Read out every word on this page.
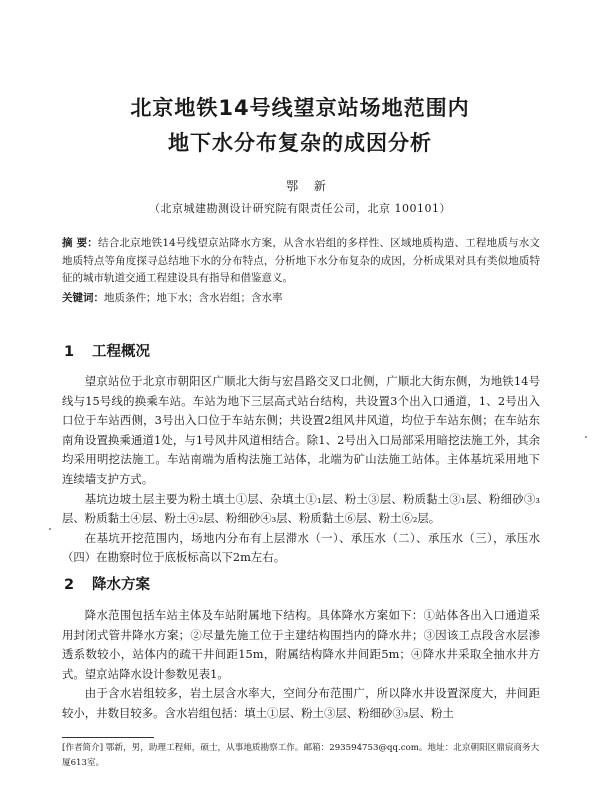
北京地铁14号线望京站场地范围内
地下水分布复杂的成因分析
鄂 新
（北京城建勘测设计研究院有限责任公司，北京 100101）
摘 要：结合北京地铁14号线望京站降水方案，从含水岩组的多样性、区域地质构造、工程地质与水文地质特点等角度探寻总结地下水的分布特点，分析地下水分布复杂的成因，分析成果对具有类似地质特征的城市轨道交通工程建设具有指导和借鉴意义。
关键词：地质条件；地下水；含水岩组；含水率
1 工程概况

望京站位于北京市朝阳区广顺北大街与宏昌路交叉口北侧，广顺北大街东侧，为地铁14号线与15号线的换乘车站。车站为地下三层高式站台结构，共设置3个出入口通道，1、2号出入口位于车站西侧，3号出入口位于车站东侧；共设置2组风井风道，均位于车站东侧；在车站东南角设置换乘通道1处，与1号风井风道相结合。除1、2号出入口局部采用暗挖法施工外，其余均采用明挖法施工。车站南端为盾构法施工站体，北端为矿山法施工站体。主体基坑采用地下连续墙支护方式。

基坑边坡土层主要为粉土填土①层、杂填土①₁层、粉土③层、粉质黏土③₁层、粉细砂③₃层、粉质黏土④层、粉土④₂层、粉细砂④₃层、粉质黏土⑥层、粉土⑥₂层。

在基坑开挖范围内，场地内分布有上层滞水（一）、承压水（二）、承压水（三），承压水（四）在勘察时位于底板标高以下2m左右。

2 降水方案

降水范围包括车站主体及车站附属地下结构。具体降水方案如下：①站体各出入口通道采用封闭式管井降水方案；②尽量先施工位于主建结构围挡内的降水井；③因该工点段含水层渗透系数较小，站体内的疏干井间距15m，附属结构降水井间距5m；④降水井采取全抽水井方式。望京站降水设计参数见表1。

由于含水岩组较多，岩土层含水率大，空间分布范围广，所以降水井设置深度大，井间距较小，井数目较多。含水岩组包括：填土①层、粉土③层、粉细砂③₃层、粉土

[作者简介] 鄂新，男，助理工程师，硕士，从事地质勘察工作。邮箱：293594753@qq.com。地址：北京朝阳区鼎宸商务大厦613室。
